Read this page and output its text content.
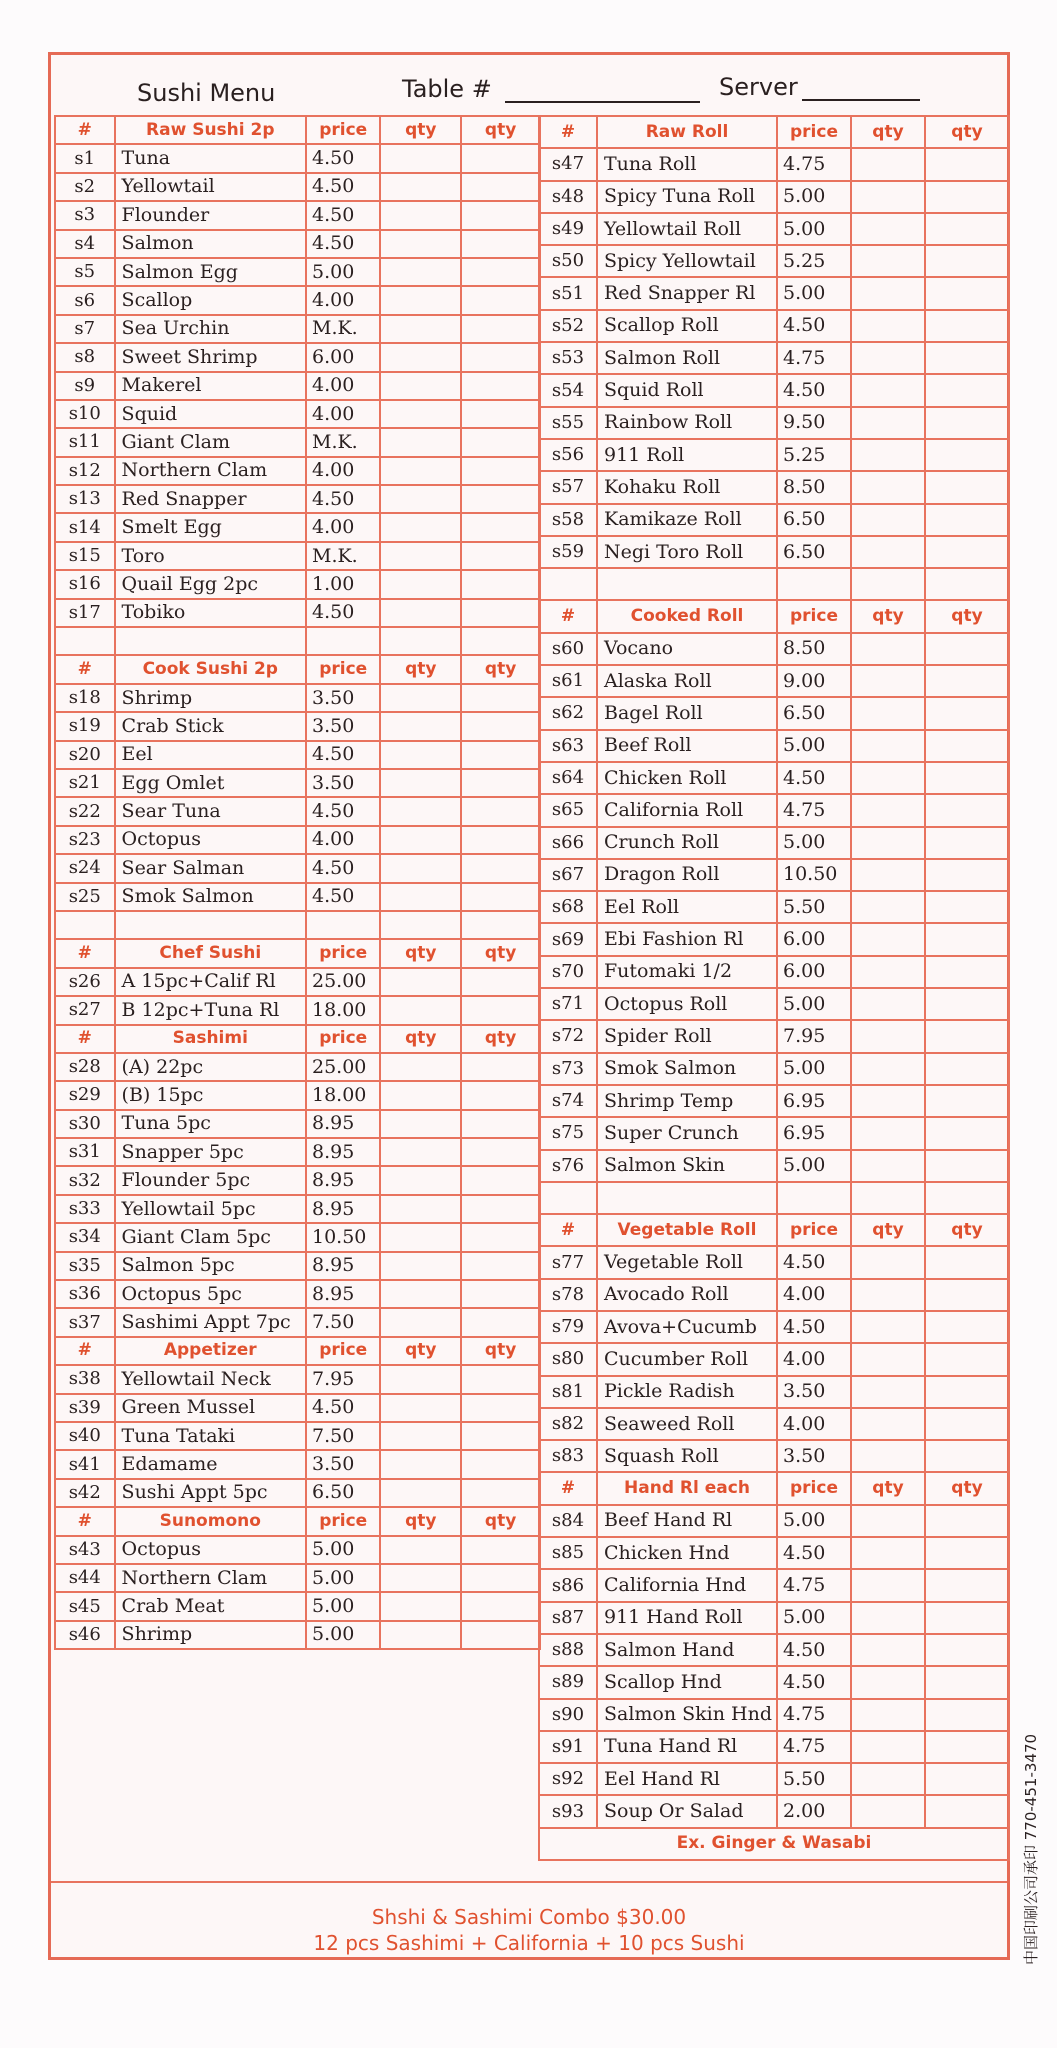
Sushi Menu	Table #	Server
#	Raw Sushi 2p	price	qty	qty
s1	Tuna	4.50		
s2	Yellowtail	4.50		
s3	Flounder	4.50		
s4	Salmon	4.50		
s5	Salmon Egg	5.00		
s6	Scallop	4.00		
s7	Sea Urchin	M.K.		
s8	Sweet Shrimp	6.00		
s9	Makerel	4.00		
s10	Squid	4.00		
s11	Giant Clam	M.K.		
s12	Northern Clam	4.00		
s13	Red Snapper	4.50		
s14	Smelt Egg	4.00		
s15	Toro	M.K.		
s16	Quail Egg 2pc	1.00		
s17	Tobiko	4.50		

#	Cook Sushi 2p	price	qty	qty
s18	Shrimp	3.50		
s19	Crab Stick	3.50		
s20	Eel	4.50		
s21	Egg Omlet	3.50		
s22	Sear Tuna	4.50		
s23	Octopus	4.00		
s24	Sear Salman	4.50		
s25	Smok Salmon	4.50		

#	Chef Sushi	price	qty	qty
s26	A 15pc+Calif Rl	25.00		
s27	B 12pc+Tuna Rl	18.00		
#	Sashimi	price	qty	qty
s28	(A) 22pc	25.00		
s29	(B) 15pc	18.00		
s30	Tuna 5pc	8.95		
s31	Snapper 5pc	8.95		
s32	Flounder 5pc	8.95		
s33	Yellowtail 5pc	8.95		
s34	Giant Clam 5pc	10.50		
s35	Salmon 5pc	8.95		
s36	Octopus 5pc	8.95		
s37	Sashimi Appt 7pc	7.50		
#	Appetizer	price	qty	qty
s38	Yellowtail Neck	7.95		
s39	Green Mussel	4.50		
s40	Tuna Tataki	7.50		
s41	Edamame	3.50		
s42	Sushi Appt 5pc	6.50		
#	Sunomono	price	qty	qty
s43	Octopus	5.00		
s44	Northern Clam	5.00		
s45	Crab Meat	5.00		
s46	Shrimp	5.00		
#	Raw Roll	price	qty	qty
s47	Tuna Roll	4.75		
s48	Spicy Tuna Roll	5.00		
s49	Yellowtail Roll	5.00		
s50	Spicy Yellowtail	5.25		
s51	Red Snapper Rl	5.00		
s52	Scallop Roll	4.50		
s53	Salmon Roll	4.75		
s54	Squid Roll	4.50		
s55	Rainbow Roll	9.50		
s56	911 Roll	5.25		
s57	Kohaku Roll	8.50		
s58	Kamikaze Roll	6.50		
s59	Negi Toro Roll	6.50		

#	Cooked Roll	price	qty	qty
s60	Vocano	8.50		
s61	Alaska Roll	9.00		
s62	Bagel Roll	6.50		
s63	Beef Roll	5.00		
s64	Chicken Roll	4.50		
s65	California Roll	4.75		
s66	Crunch Roll	5.00		
s67	Dragon Roll	10.50		
s68	Eel Roll	5.50		
s69	Ebi Fashion Rl	6.00		
s70	Futomaki 1/2	6.00		
s71	Octopus Roll	5.00		
s72	Spider Roll	7.95		
s73	Smok Salmon	5.00		
s74	Shrimp Temp	6.95		
s75	Super Crunch	6.95		
s76	Salmon Skin	5.00		

#	Vegetable Roll	price	qty	qty
s77	Vegetable Roll	4.50		
s78	Avocado Roll	4.00		
s79	Avova+Cucumb	4.50		
s80	Cucumber Roll	4.00		
s81	Pickle Radish	3.50		
s82	Seaweed Roll	4.00		
s83	Squash Roll	3.50		
#	Hand Rl each	price	qty	qty
s84	Beef Hand Rl	5.00		
s85	Chicken Hnd	4.50		
s86	California Hnd	4.75		
s87	911 Hand Roll	5.00		
s88	Salmon Hand	4.50		
s89	Scallop Hnd	4.50		
s90	Salmon Skin Hnd	4.75		
s91	Tuna Hand Rl	4.75		
s92	Eel Hand Rl	5.50		
s93	Soup Or Salad	2.00		
Ex. Ginger & Wasabi				
Shshi & Sashimi Combo $30.00
12 pcs Sashimi + California + 10 pcs Sushi	中国印刷公司承印 770-451-3470
